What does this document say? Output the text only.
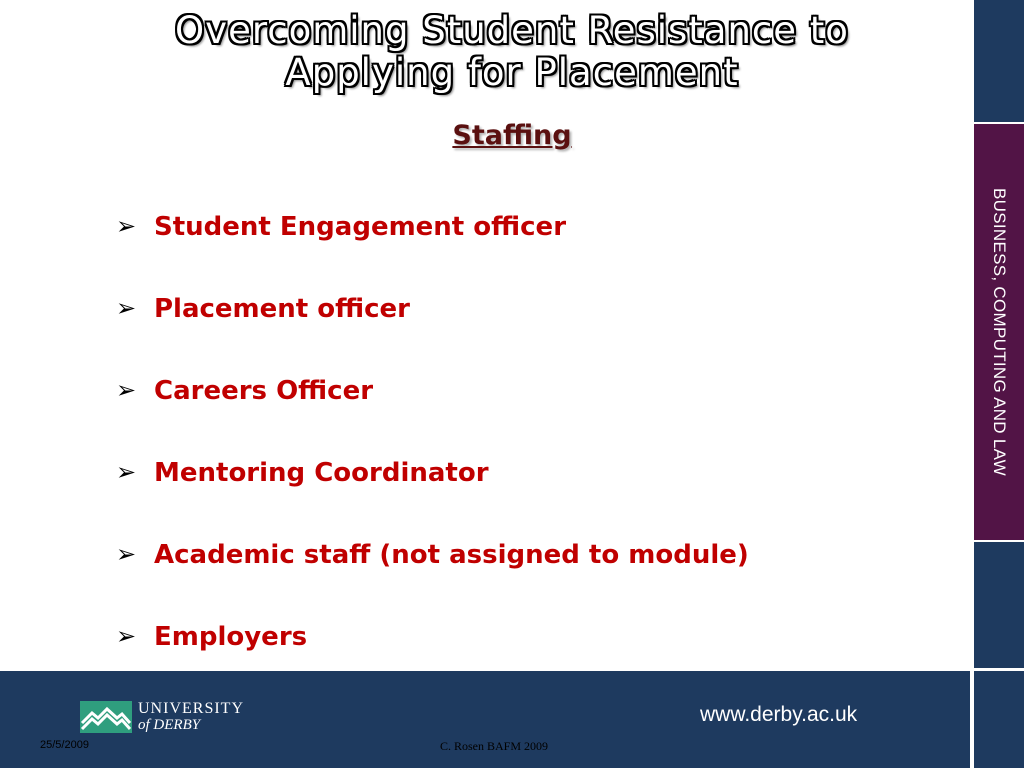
Overcoming Student Resistance to
Applying for Placement
Staffing
➢ Student Engagement officer
➢ Placement officer
➢ Careers Officer
➢ Mentoring Coordinator
➢ Academic staff (not assigned to module)
➢ Employers
BUSINESS, COMPUTING AND LAW
UNIVERSITY
of DERBY	www.derby.ac.uk
25/5/2009	C. Rosen BAFM 2009
